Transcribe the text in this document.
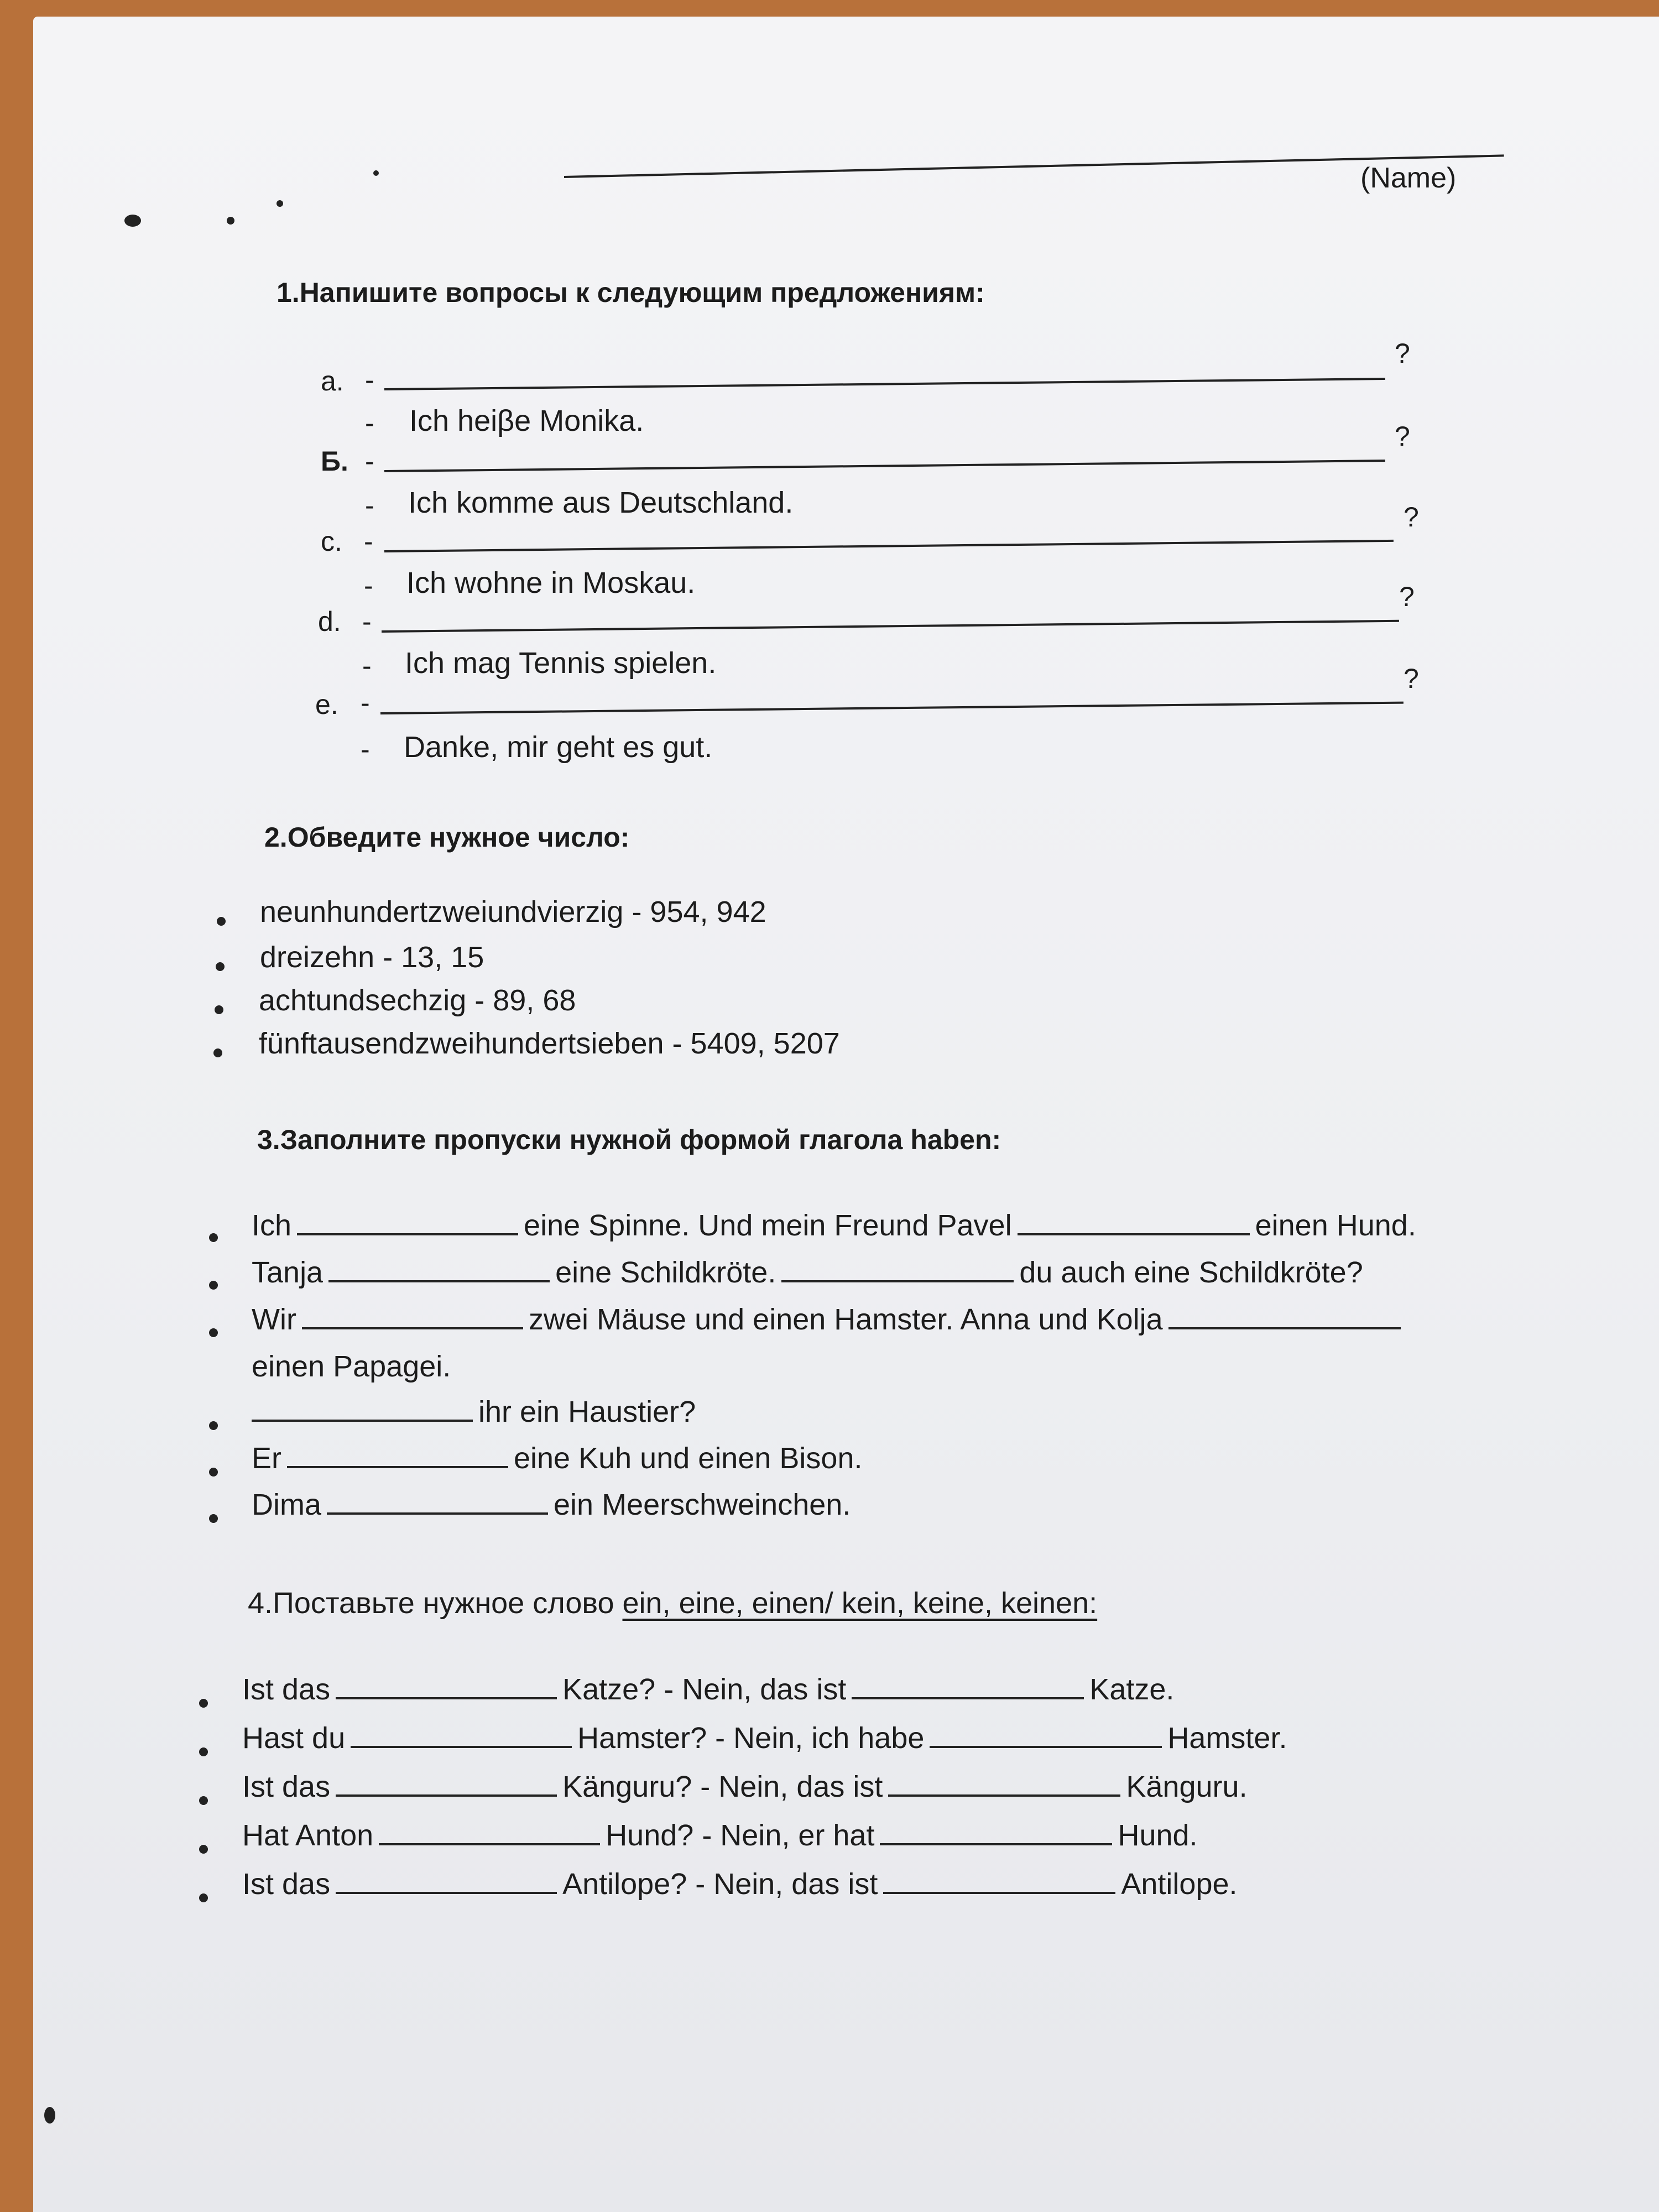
(Name)
1.Напишите вопросы к следующим предложениям:
a. -
?
- Ich heiβe Monika.
Б. -
?
- Ich komme aus Deutschland.
c. -
?
- Ich wohne in Moskau.
d. -
?
- Ich mag Tennis spielen.
e. -
?
- Danke, mir geht es gut.
2.Обведите нужное число:
neunhundertzweiundvierzig - 954, 942
dreizehn - 13, 15
achtundsechzig - 89, 68
fünftausendzweihundertsieben - 5409, 5207
3.Заполните пропуски нужной формой глагола haben:
Ich	eine Spinne. Und mein Freund Pavel	einen Hund.
Tanja	eine Schildkröte.	du auch eine Schildkröte?
Wir	zwei Mäuse und einen Hamster. Anna und Kolja
einen Papagei.
ihr ein Haustier?
Er	eine Kuh und einen Bison.
Dima	ein Meerschweinchen.
4.Поставьте нужное слово ein, eine, einen/ kein, keine, keinen:
Ist das	Katze? - Nein, das ist	Katze.
Hast du	Hamster? - Nein, ich habe	Hamster.
Ist das	Känguru? - Nein, das ist	Känguru.
Hat Anton	Hund? - Nein, er hat	Hund.
Ist das	Antilope? - Nein, das ist	Antilope.
